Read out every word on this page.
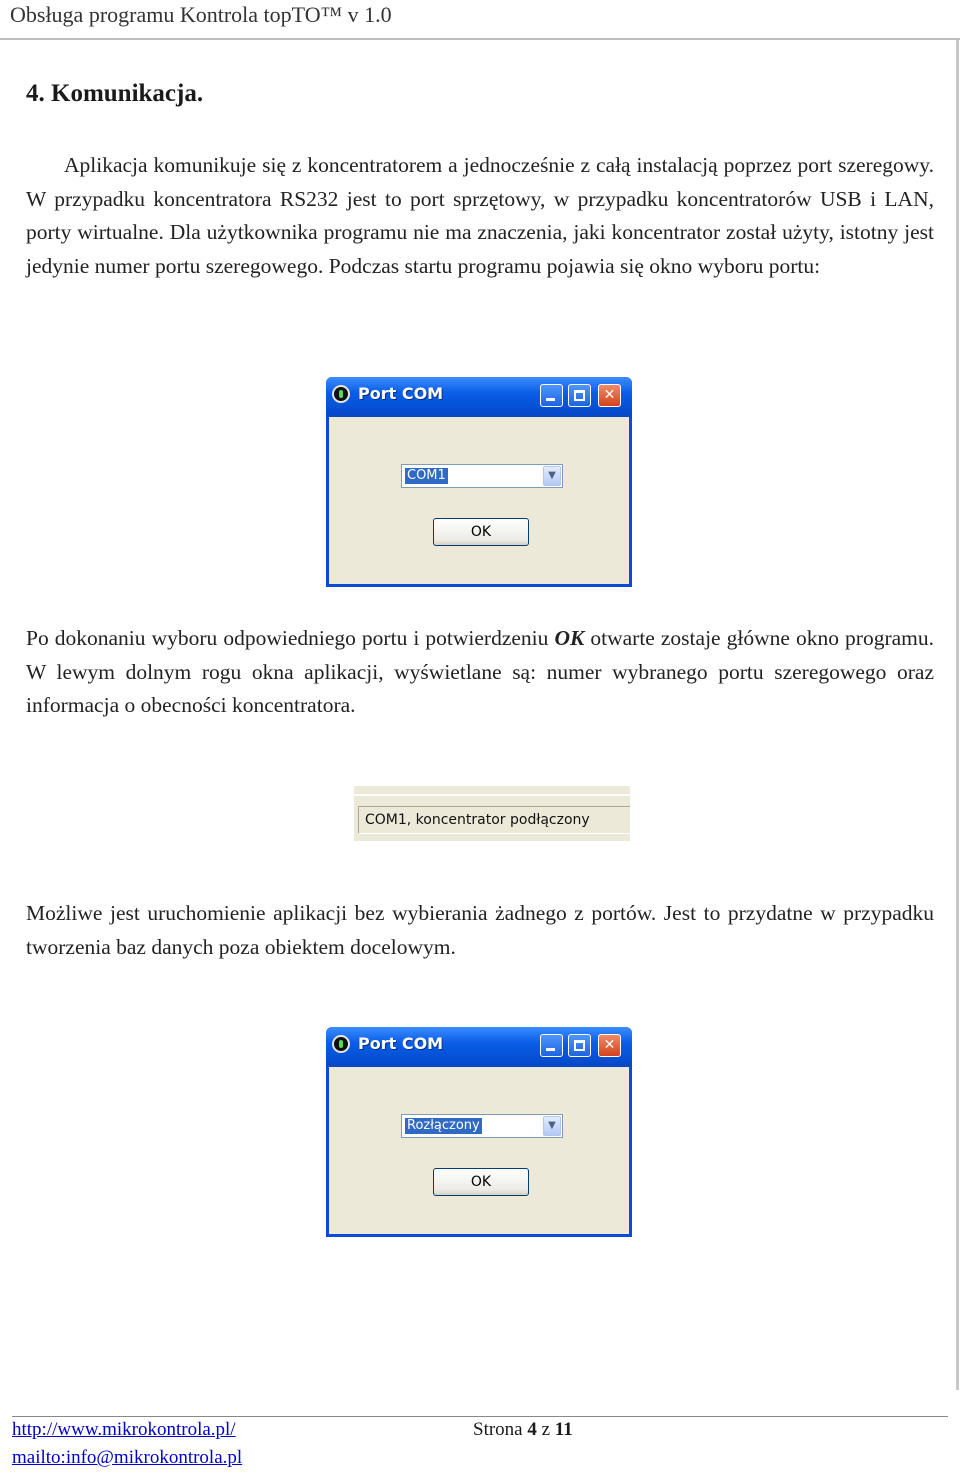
Obsługa programu Kontrola topTO™ v 1.0
4. Komunikacja.

Aplikacja komunikuje się z koncentratorem a jednocześnie z całą instalacją poprzez port szeregowy. W przypadku koncentratora RS232 jest to port sprzętowy, w przypadku koncentratorów USB i LAN, porty wirtualne. Dla użytkownika programu nie ma znaczenia, jaki koncentrator został użyty, istotny jest jedynie numer portu szeregowego. Podczas startu programu pojawia się okno wyboru portu:

Port COM	✕
COM1	▼
OK

Po dokonaniu wyboru odpowiedniego portu i potwierdzeniu OK otwarte zostaje główne okno programu. W lewym dolnym rogu okna aplikacji, wyświetlane są: numer wybranego portu szeregowego oraz informacja o obecności koncentratora.

COM1, koncentrator podłączony

Możliwe jest uruchomienie aplikacji bez wybierania żadnego z portów. Jest to przydatne w przypadku tworzenia baz danych poza obiektem docelowym.

Port COM	✕
Rozłączony	▼
OK
http://www.mikrokontrola.pl/
mailto:info@mikrokontrola.pl
Strona 4 z 11
